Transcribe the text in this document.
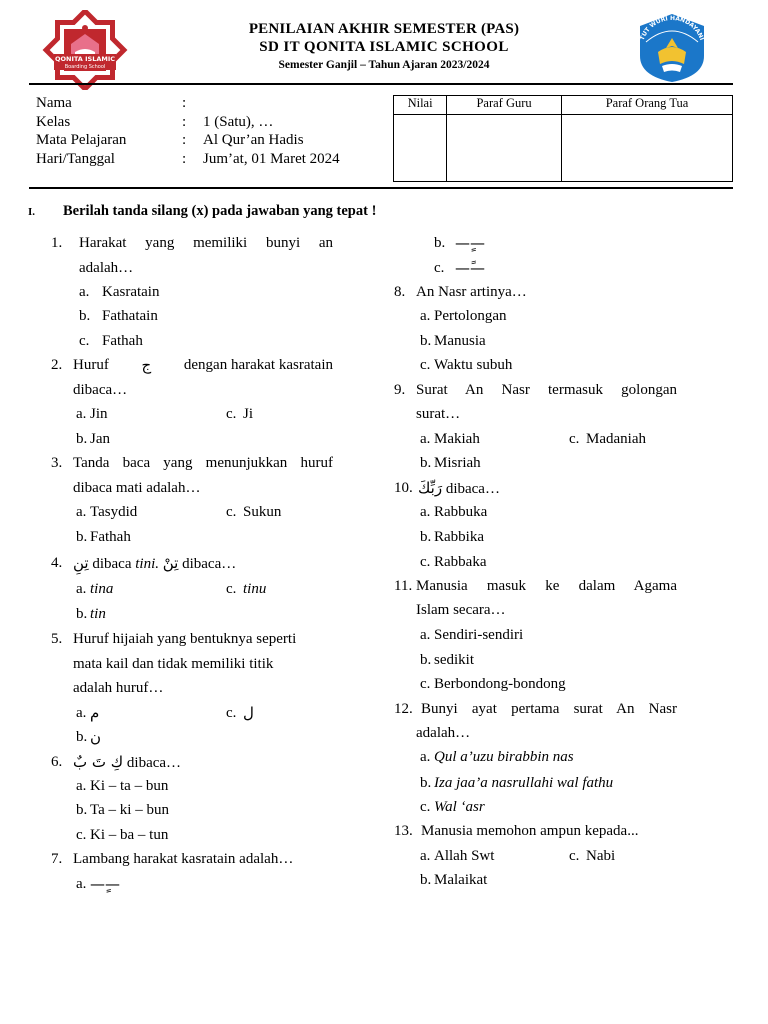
QONITA ISLAMIC
Boarding School
TUT WURI HANDAYANI
PENILAIAN AKHIR SEMESTER (PAS)
SD IT QONITA ISLAMIC SCHOOL
Semester Ganjil – Tahun Ajaran 2023/2024
Nama	:
Kelas	: 1 (Satu), …
Mata Pelajaran	: Al Qur’an Hadis
Hari/Tanggal	: Jum’at, 01 Maret 2024
Nilai	Paraf Guru	Paraf Orang Tua

I. Berilah tanda silang (x) pada jawaban yang tepat !
1. Harakat yang memiliki bunyi an
adalah…
a. Kasratain
b. Fathatain
c. Fathah
2. Huruf ج dengan harakat kasratain
dibaca…
a. Jin	c. Ji
b. Jan
3. Tanda baca yang menunjukkan huruf
dibaca mati adalah…
a. Tasydid	c. Sukun
b. Fathah
4. تِنِ dibaca tini. تِنْ dibaca…
a. tina	c. tinu
b. tin
5. Huruf hijaiah yang bentuknya seperti
mata kail dan tidak memiliki titik
adalah huruf…
a. م	c. ل
b. ن
6. كِ تَ بٌ dibaca…
a. Ki – ta – bun
b. Ta – ki – bun
c. Ki – ba – tun
7. Lambang harakat kasratain adalah…
a. ——ٍ
b. ——ٍ
c. ——ً
8. An Nasr artinya…
a. Pertolongan
b. Manusia
c. Waktu subuh
9. Surat An Nasr termasuk golongan
surat…
a. Makiah	c. Madaniah
b. Misriah
10. رَبِّكَ dibaca…
a. Rabbuka
b. Rabbika
c. Rabbaka
11. Manusia masuk ke dalam Agama
Islam secara…
a. Sendiri-sendiri
b. sedikit
c. Berbondong-bondong
12. Bunyi ayat pertama surat An Nasr
adalah…
a. Qul a’uzu birabbin nas
b. Iza jaa’a nasrullahi wal fathu
c. Wal ‘asr
13. Manusia memohon ampun kepada...
a. Allah Swt	c. Nabi
b. Malaikat
